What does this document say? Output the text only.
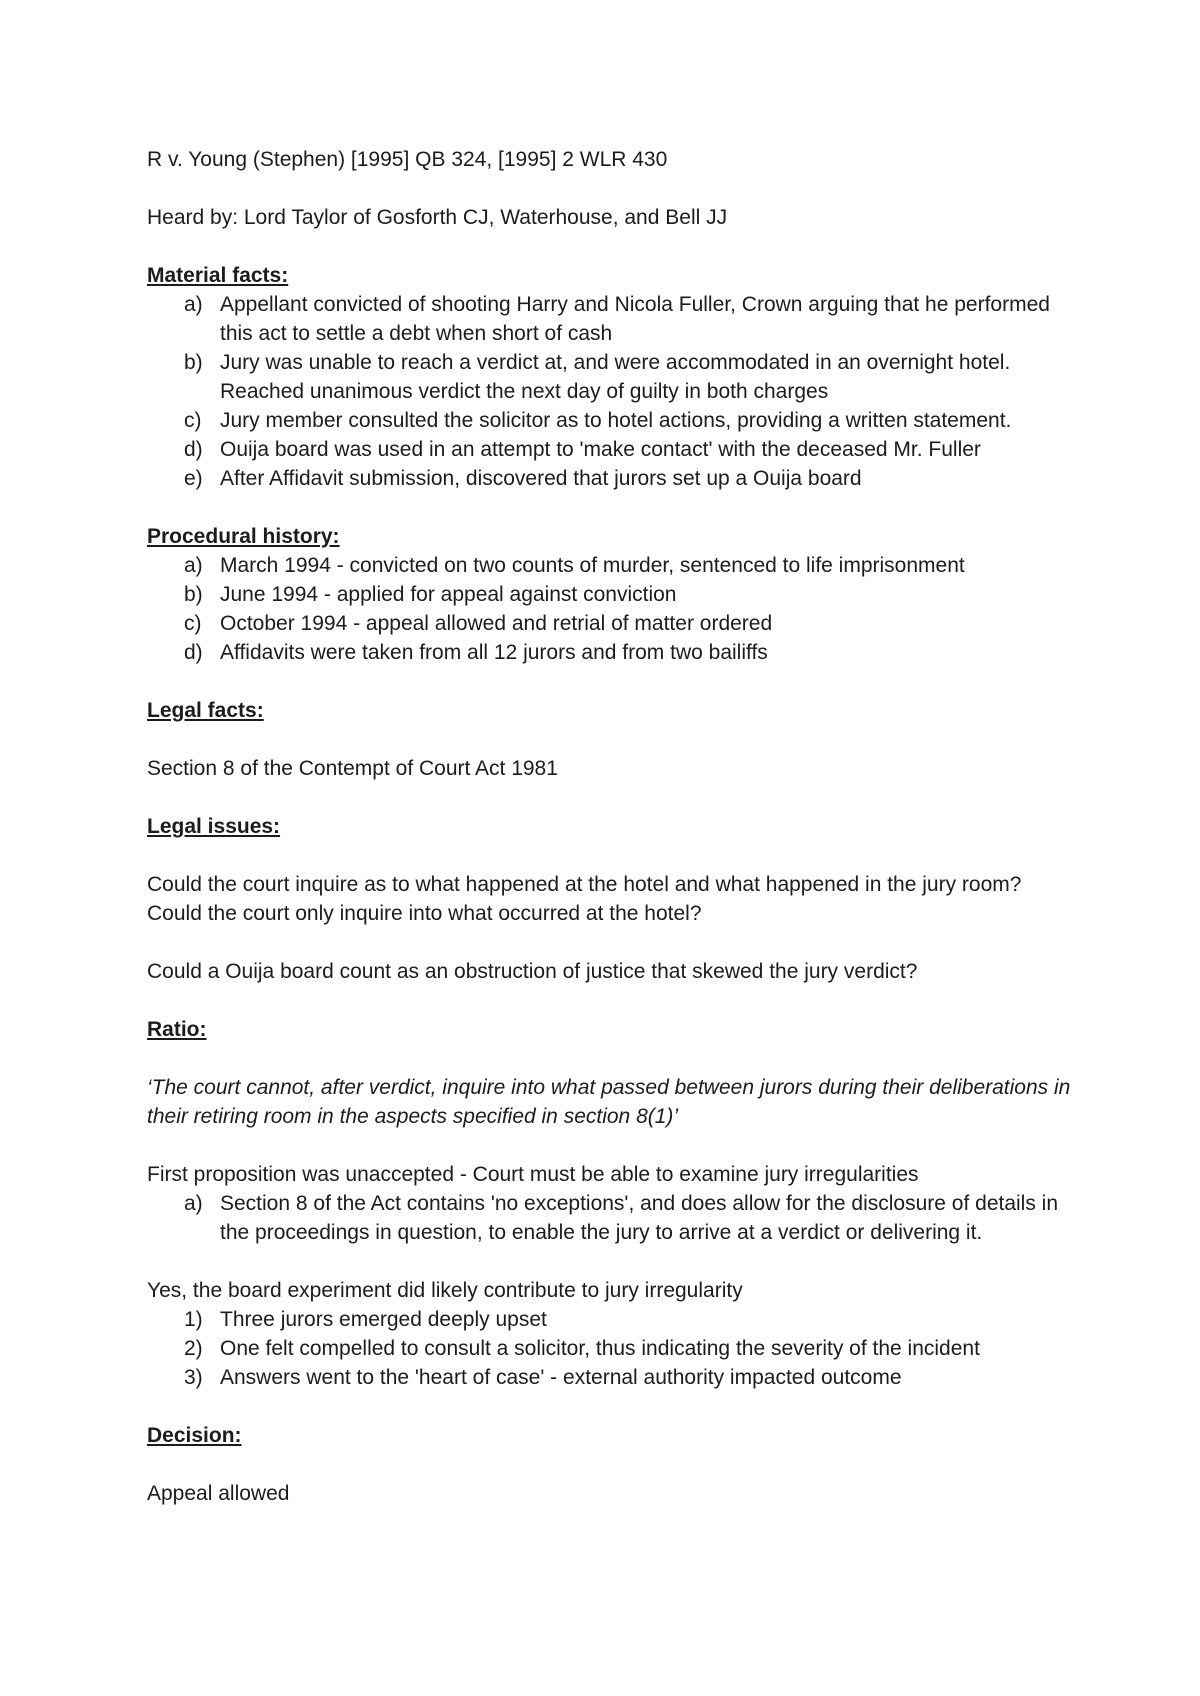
R v. Young (Stephen) [1995] QB 324, [1995] 2 WLR 430

Heard by: Lord Taylor of Gosforth CJ, Waterhouse, and Bell JJ

Material facts:

a) Appellant convicted of shooting Harry and Nicola Fuller, Crown arguing that he performed this act to settle a debt when short of cash
b) Jury was unable to reach a verdict at, and were accommodated in an overnight hotel. Reached unanimous verdict the next day of guilty in both charges
c) Jury member consulted the solicitor as to hotel actions, providing a written statement.
d) Ouija board was used in an attempt to 'make contact' with the deceased Mr. Fuller
e) After Affidavit submission, discovered that jurors set up a Ouija board

Procedural history:

a) March 1994 - convicted on two counts of murder, sentenced to life imprisonment
b) June 1994 - applied for appeal against conviction
c) October 1994 - appeal allowed and retrial of matter ordered
d) Affidavits were taken from all 12 jurors and from two bailiffs

Legal facts:

Section 8 of the Contempt of Court Act 1981

Legal issues:

Could the court inquire as to what happened at the hotel and what happened in the jury room? Could the court only inquire into what occurred at the hotel?

Could a Ouija board count as an obstruction of justice that skewed the jury verdict?

Ratio:

‘The court cannot, after verdict, inquire into what passed between jurors during their deliberations in their retiring room in the aspects specified in section 8(1)’

First proposition was unaccepted - Court must be able to examine jury irregularities

a) Section 8 of the Act contains 'no exceptions', and does allow for the disclosure of details in the proceedings in question, to enable the jury to arrive at a verdict or delivering it.

Yes, the board experiment did likely contribute to jury irregularity

1) Three jurors emerged deeply upset
2) One felt compelled to consult a solicitor, thus indicating the severity of the incident
3) Answers went to the 'heart of case' - external authority impacted outcome

Decision:

Appeal allowed
